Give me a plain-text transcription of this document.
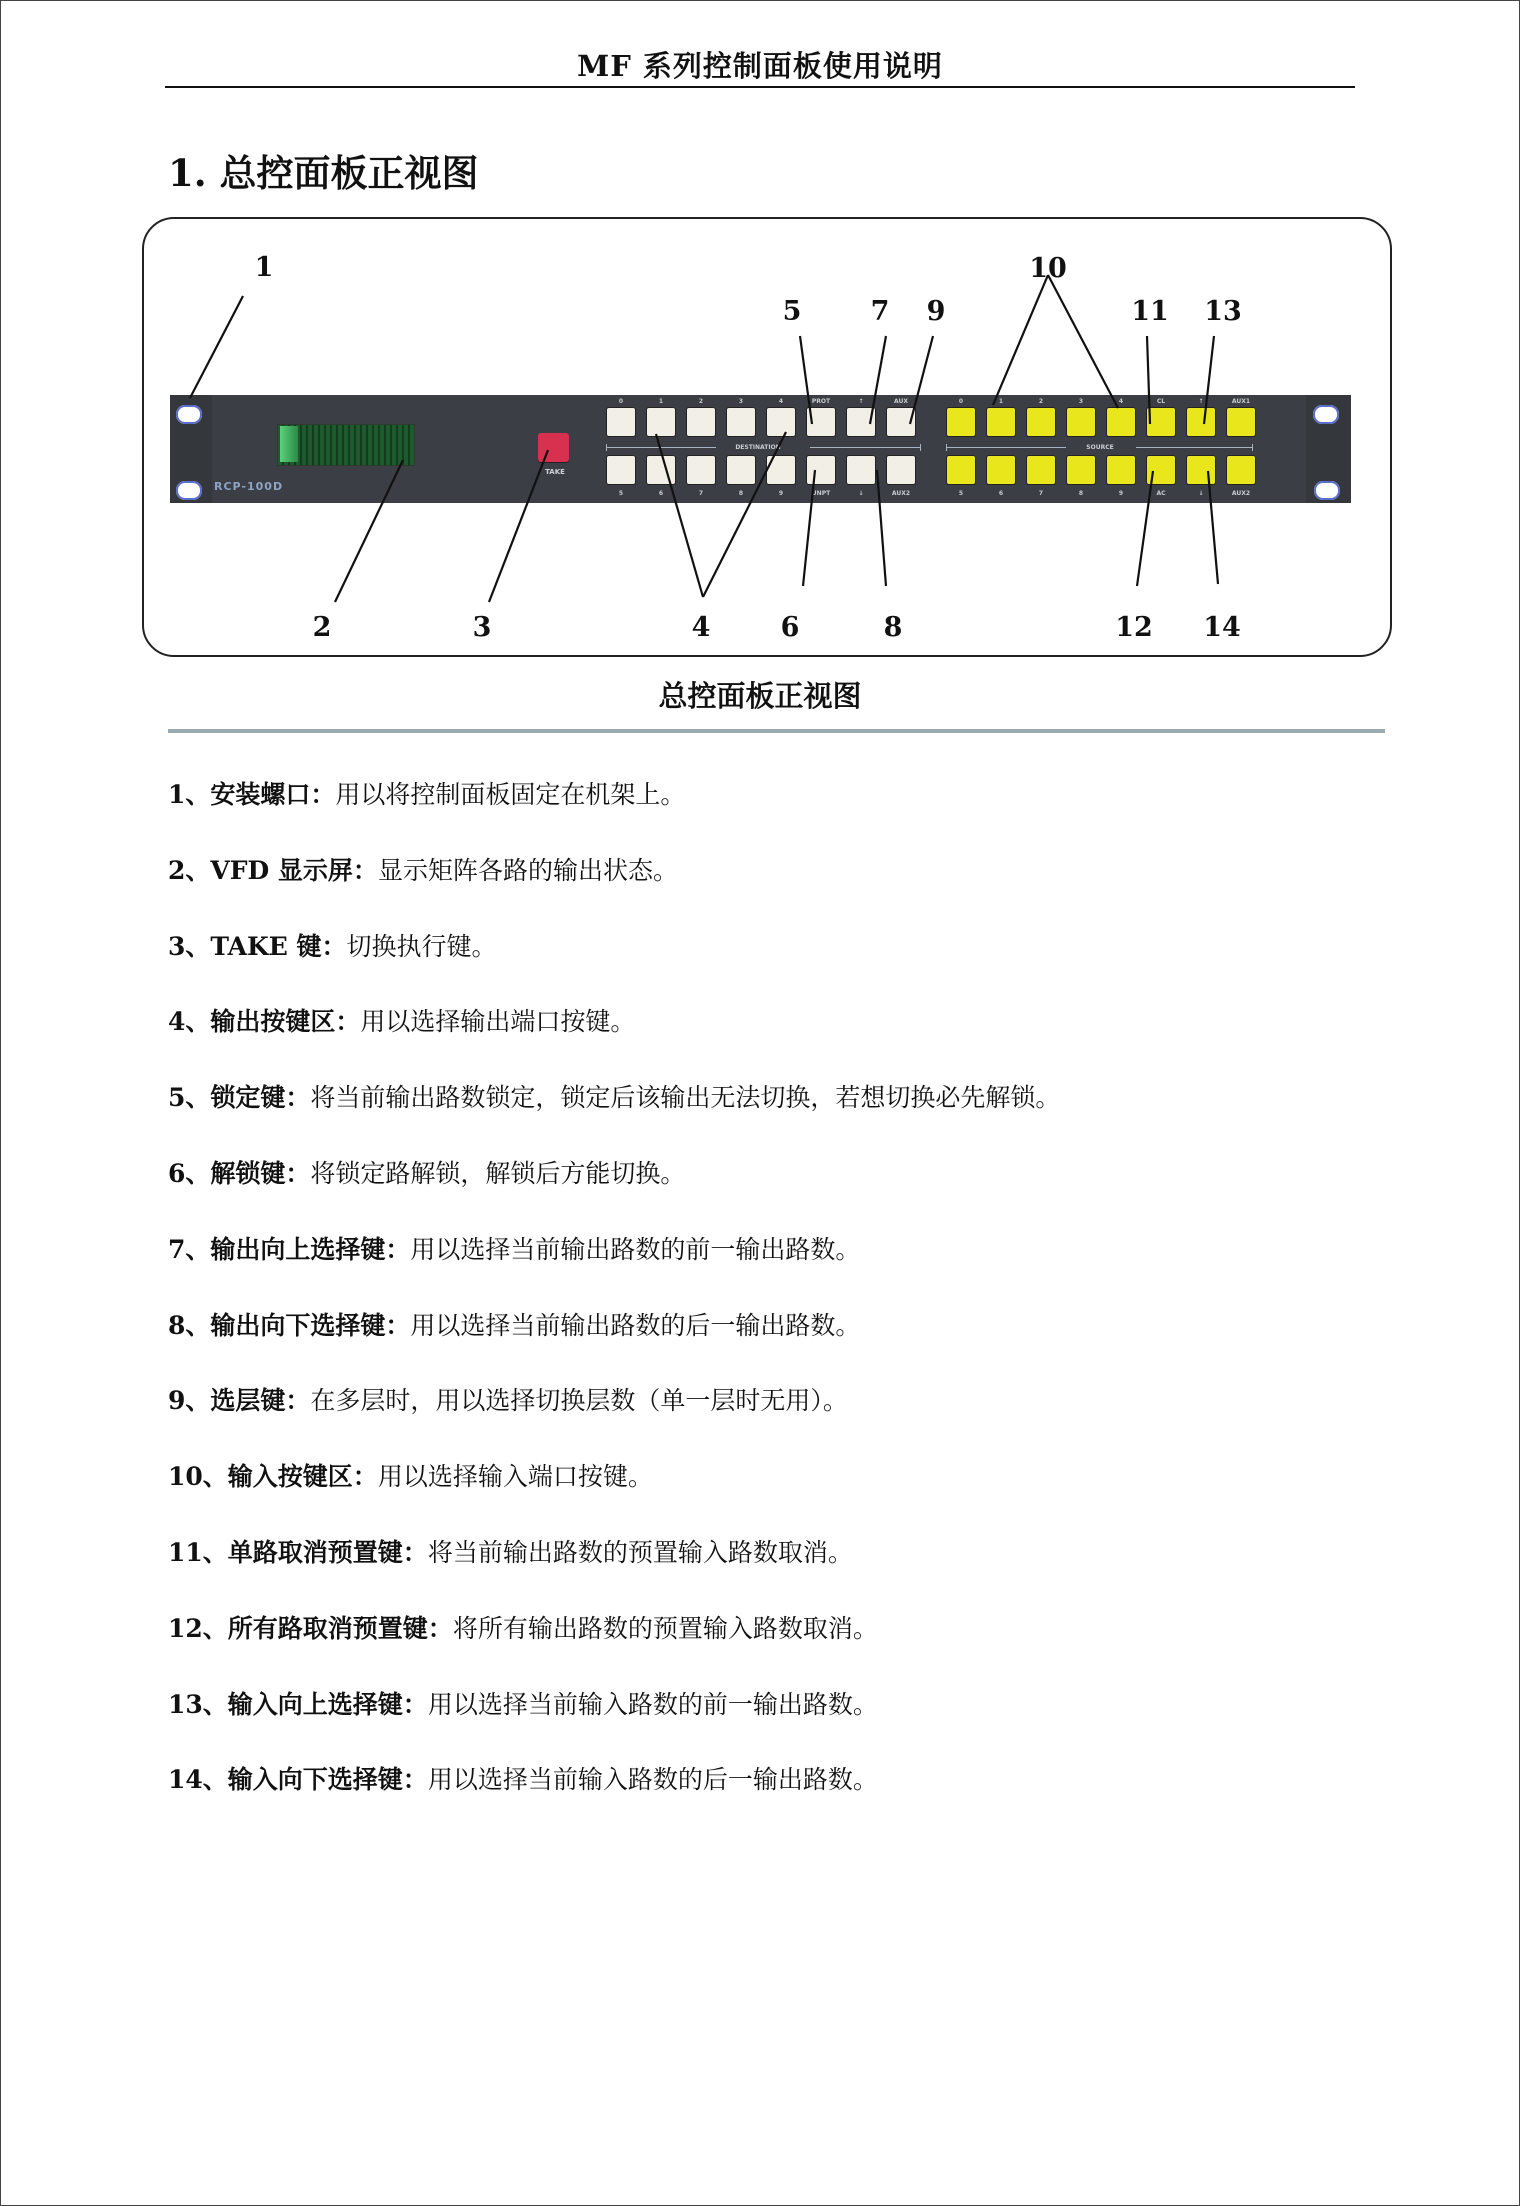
MF 系列控制面板使用说明
1. 总控面板正视图
RCP-100D
TAKE
0
5
1
6
2
7
3
8
4
9
PROT
UNPT
↑
↓
AUX
AUX2
0
5
1
6
2
7
3
8
4
9
CL
AC
↑
↓
AUX1
AUX2
DESTINATION	SOURCE
1
2	3	4
5
6
7
8
9
10
11
12
13
14
总控面板正视图
1、安装螺口：用以将控制面板固定在机架上。
2、VFD 显示屏：显示矩阵各路的输出状态。
3、TAKE 键：切换执行键。
4、输出按键区：用以选择输出端口按键。
5、锁定键：将当前输出路数锁定，锁定后该输出无法切换，若想切换必先解锁。
6、解锁键：将锁定路解锁，解锁后方能切换。
7、输出向上选择键：用以选择当前输出路数的前一输出路数。
8、输出向下选择键：用以选择当前输出路数的后一输出路数。
9、选层键：在多层时，用以选择切换层数（单一层时无用）。
10、输入按键区：用以选择输入端口按键。
11、单路取消预置键：将当前输出路数的预置输入路数取消。
12、所有路取消预置键：将所有输出路数的预置输入路数取消。
13、输入向上选择键：用以选择当前输入路数的前一输出路数。
14、输入向下选择键：用以选择当前输入路数的后一输出路数。
